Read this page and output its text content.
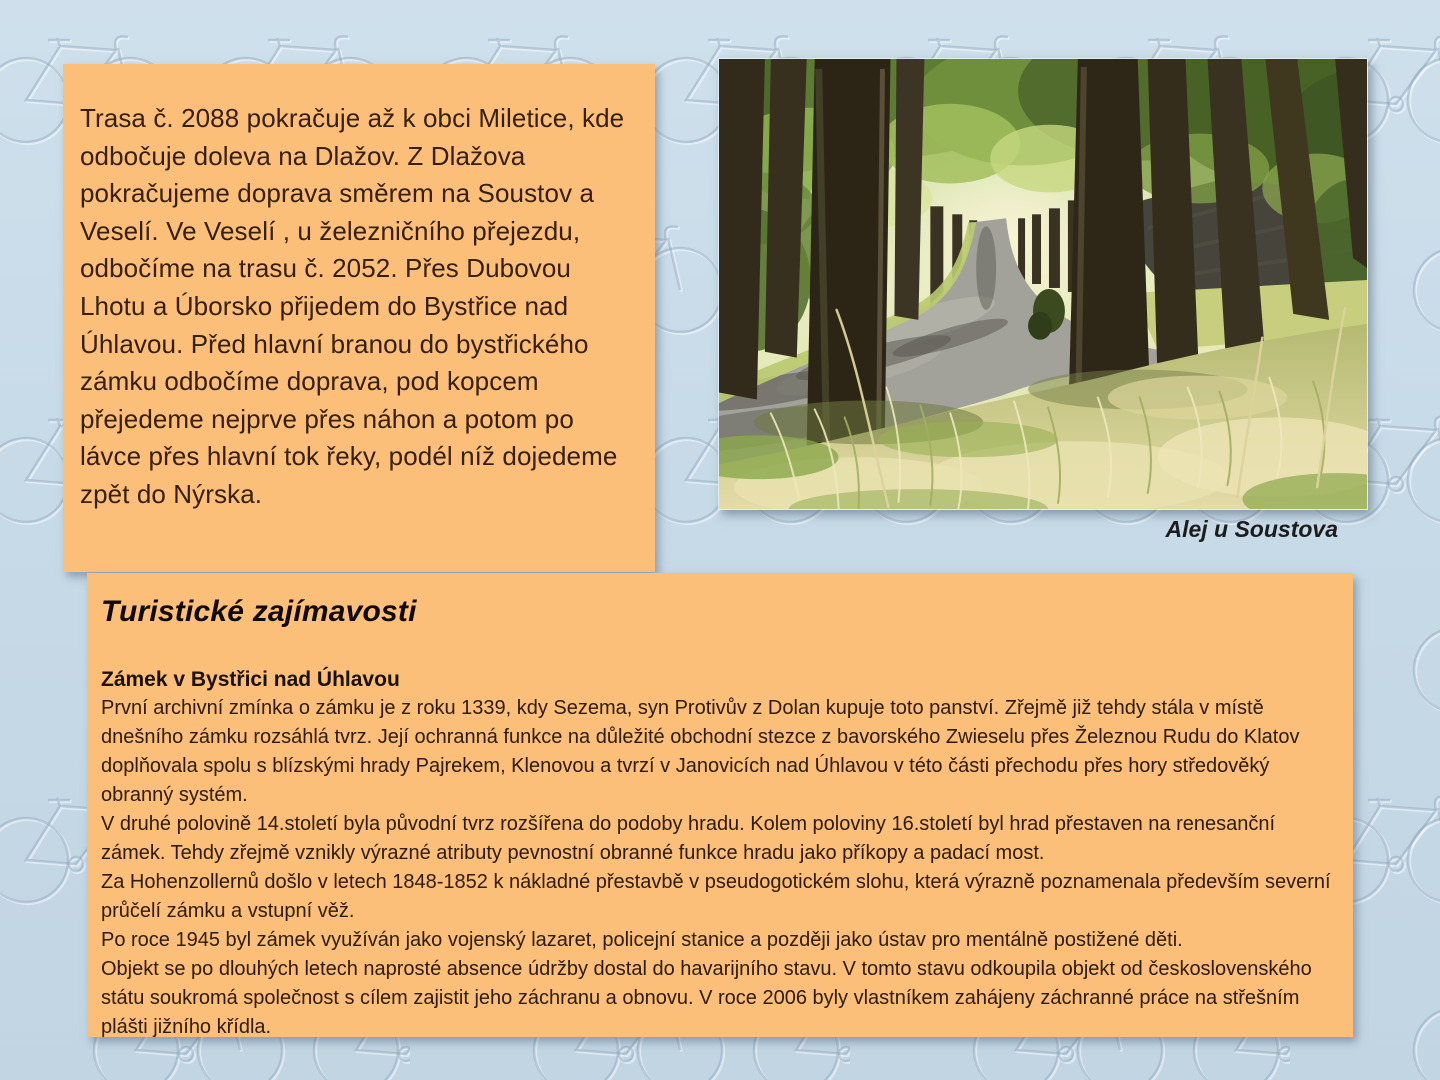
Trasa č. 2088 pokračuje až k obci Miletice, kde odbočuje doleva na Dlažov. Z Dlažova pokračujeme doprava směrem na Soustov a Veselí. Ve Veselí , u železničního přejezdu, odbočíme na trasu č. 2052. Přes Dubovou Lhotu a Úborsko přijedem do Bystřice nad Úhlavou. Před hlavní branou do bystřického zámku odbočíme doprava, pod kopcem přejedeme nejprve přes náhon a potom po lávce přes hlavní tok řeky, podél níž dojedeme zpět do Nýrska.
Alej u Soustova
Turistické zajímavosti
Zámek v Bystřici nad Úhlavou

První archivní zmínka o zámku je z roku 1339, kdy Sezema, syn Protivův z Dolan kupuje toto panství. Zřejmě již tehdy stála v místě dnešního zámku rozsáhlá tvrz. Její ochranná funkce na důležité obchodní stezce z bavorského Zwieselu přes Železnou Rudu do Klatov doplňovala spolu s blízskými hrady Pajrekem, Klenovou a tvrzí v Janovicích nad Úhlavou v této části přechodu přes hory středověký obranný systém.

V druhé polovině 14.století byla původní tvrz rozšířena do podoby hradu. Kolem poloviny 16.století byl hrad přestaven na renesanční zámek. Tehdy zřejmě vznikly výrazné atributy pevnostní obranné funkce hradu jako příkopy a padací most.

Za Hohenzollernů došlo v letech 1848-1852 k nákladné přestavbě v pseudogotickém slohu, která výrazně poznamenala především severní průčelí zámku a vstupní věž.

Po roce 1945 byl zámek využíván jako vojenský lazaret, policejní stanice a později jako ústav pro mentálně postižené děti.

Objekt se po dlouhých letech naprosté absence údržby dostal do havarijního stavu. V tomto stavu odkoupila objekt od československého státu soukromá společnost s cílem zajistit jeho záchranu a obnovu. V roce 2006 byly vlastníkem zahájeny záchranné práce na střešním plášti jižního křídla.
